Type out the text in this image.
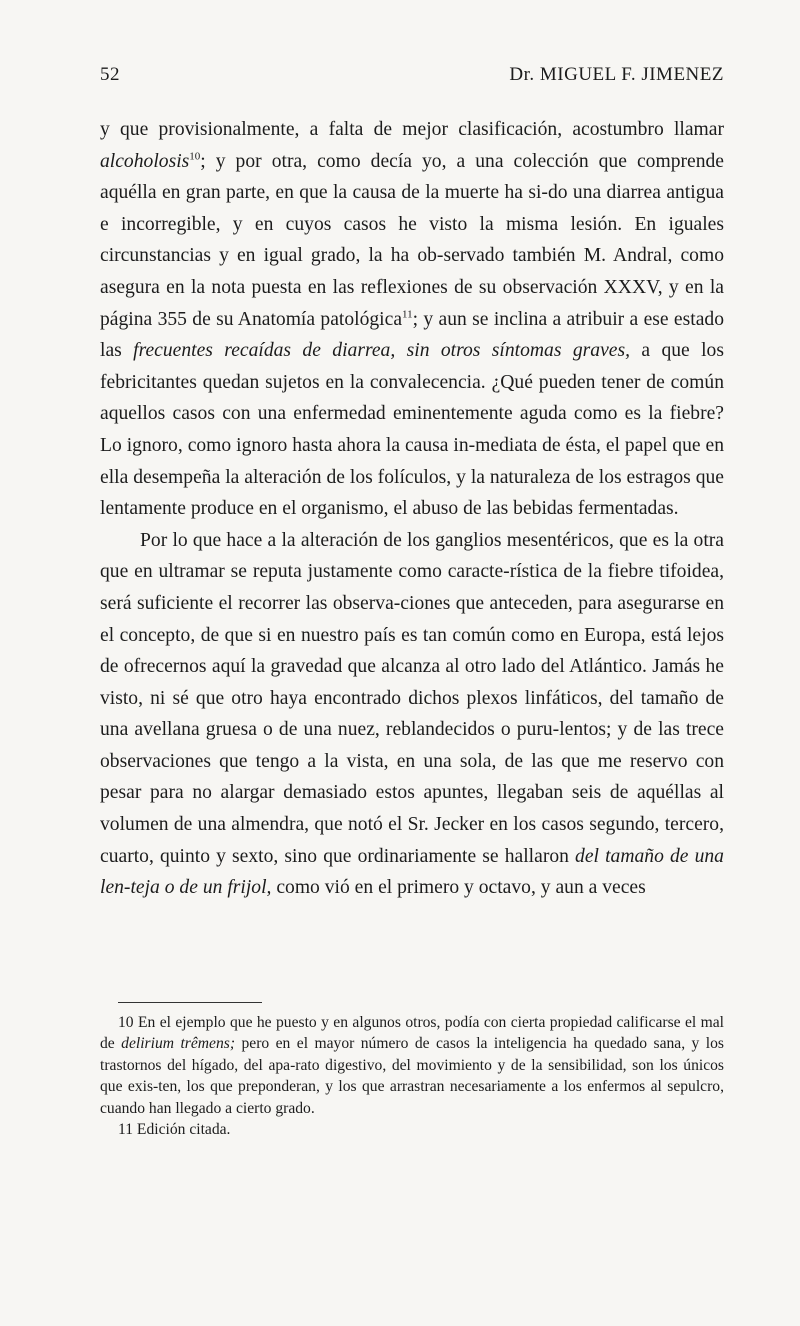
52	Dr. MIGUEL F. JIMENEZ

y que provisionalmente, a falta de mejor clasificación, acostumbro llamar alcoholosis$^{10}$; y por otra, como decía yo, a una colección que comprende aquélla en gran parte, en que la causa de la muerte ha si-do una diarrea antigua e incorregible, y en cuyos casos he visto la misma lesión. En iguales circunstancias y en igual grado, la ha ob-servado también M. Andral, como asegura en la nota puesta en las reflexiones de su observación XXXV, y en la página 355 de su Anatomía patológica$^{11}$; y aun se inclina a atribuir a ese estado las frecuentes recaídas de diarrea, sin otros síntomas graves, a que los febricitantes quedan sujetos en la convalecencia. ¿Qué pueden tener de común aquellos casos con una enfermedad eminentemente aguda como es la fiebre? Lo ignoro, como ignoro hasta ahora la causa in-mediata de ésta, el papel que en ella desempeña la alteración de los folículos, y la naturaleza de los estragos que lentamente produce en el organismo, el abuso de las bebidas fermentadas.

Por lo que hace a la alteración de los ganglios mesentéricos, que es la otra que en ultramar se reputa justamente como caracte-rística de la fiebre tifoidea, será suficiente el recorrer las observa-ciones que anteceden, para asegurarse en el concepto, de que si en nuestro país es tan común como en Europa, está lejos de ofrecernos aquí la gravedad que alcanza al otro lado del Atlántico. Jamás he visto, ni sé que otro haya encontrado dichos plexos linfáticos, del tamaño de una avellana gruesa o de una nuez, reblandecidos o puru-lentos; y de las trece observaciones que tengo a la vista, en una sola, de las que me reservo con pesar para no alargar demasiado estos apuntes, llegaban seis de aquéllas al volumen de una almendra, que notó el Sr. Jecker en los casos segundo, tercero, cuarto, quinto y sexto, sino que ordinariamente se hallaron del tamaño de una len-teja o de un frijol, como vió en el primero y octavo, y aun a veces

10 En el ejemplo que he puesto y en algunos otros, podía con cierta propiedad calificarse el mal de delirium trêmens; pero en el mayor número de casos la inteligencia ha quedado sana, y los trastornos del hígado, del apa-rato digestivo, del movimiento y de la sensibilidad, son los únicos que exis-ten, los que preponderan, y los que arrastran necesariamente a los enfermos al sepulcro, cuando han llegado a cierto grado.

11 Edición citada.
